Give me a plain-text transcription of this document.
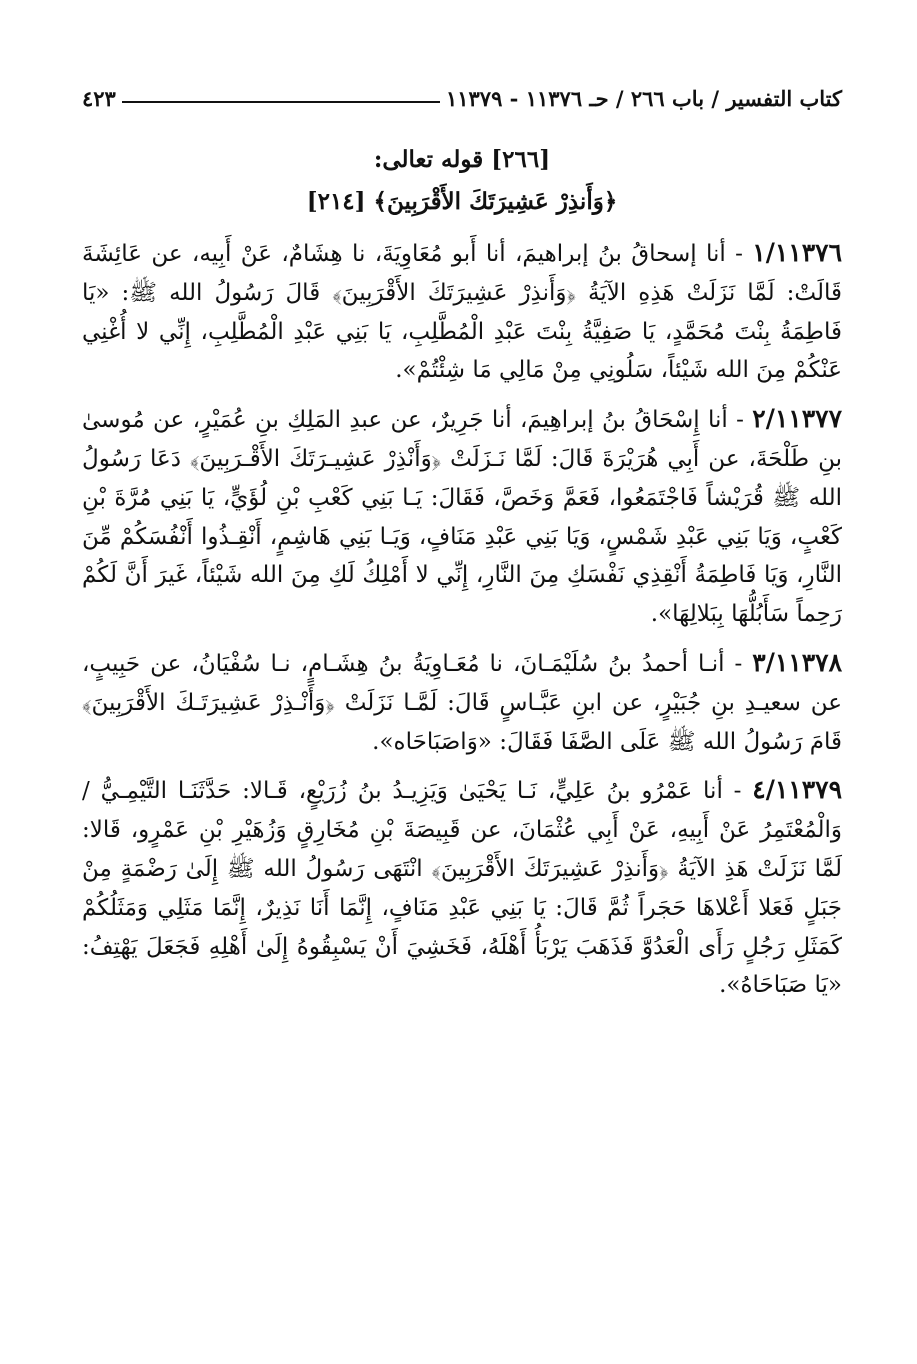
كتاب التفسير / باب ٢٦٦ / حـ ١١٣٧٦ - ١١٣٧٩
٤٢٣
[٢٦٦] قوله تعالى:
﴿وَأَنذِرْ عَشِيرَتَكَ الأَقْرَبِينَ﴾ [٢١٤]

١/١١٣٧٦ - أنا إسحاقُ بنُ إبراهيمَ، أنا أَبو مُعَاوِيَةَ، نا هِشَامٌ، عَنْ أَبِيه، عن عَائِشَةَ قَالَتْ: لَمَّا نَزَلَتْ هَذِهِ الآيَةُ ﴿وَأَنذِرْ عَشِيرَتَكَ الأَقْرَبِينَ﴾ قَالَ رَسُولُ الله ﷺ: «يَا فَاطِمَةُ بِنْتَ مُحَمَّدٍ، يَا صَفِيَّةُ بِنْتَ عَبْدِ الْمُطَّلِبِ، يَا بَنِي عَبْدِ الْمُطَّلِبِ، إِنِّي لا أُغْنِي عَنْكُمْ مِنَ الله شَيْئاً، سَلُونِي مِنْ مَالِي مَا شِئْتُمْ».

٢/١١٣٧٧ - أنا إِسْحَاقُ بنُ إبراهِيمَ، أنا جَرِيرٌ، عن عبدِ المَلِكِ بنِ عُمَيْرٍ، عن مُوسىٰ بنِ طَلْحَةَ، عن أَبِي هُرَيْرَةَ قَالَ: لَمَّا نَـزَلَتْ ﴿وَأَنْذِرْ عَشِيـرَتَكَ الأَقْـرَبِينَ﴾ دَعَا رَسُولُ الله ﷺ قُرَيْشاً فَاجْتَمَعُوا، فَعَمَّ وَخَصَّ، فَقَالَ: يَـا بَنِي كَعْبِ بْنِ لُؤَيٍّ، يَا بَنِي مُرَّةَ بْنِ كَعْبٍ، وَيَا بَنِي عَبْدِ شَمْسٍ، وَيَا بَنِي عَبْدِ مَنَافٍ، وَيَـا بَنِي هَاشِمٍ، أَنْقِـذُوا أَنْفُسَكُمْ مِّنَ النَّارِ، وَيَا فَاطِمَةُ أَنْقِذِي نَفْسَكِ مِنَ النَّارِ، إِنِّي لا أَمْلِكُ لَكِ مِنَ الله شَيْئاً، غَيرَ أَنَّ لَكُمْ رَحِماً سَأَبُلُّهَا بِبَلالِهَا».

٣/١١٣٧٨ - أنـا أحمدُ بنُ سُلَيْمَـانَ، نا مُعَـاوِيَةُ بنُ هِشَـامٍ، نـا سُفْيَانُ، عن حَبِيبٍ، عن سعيـدِ بنِ جُبَيْرٍ، عن ابنِ عَبَّـاسٍ قَالَ: لَمَّـا نَزَلَتْ ﴿وَأَنْـذِرْ عَشِيرَتَـكَ الأَقْرَبِينَ﴾ قَامَ رَسُولُ الله ﷺ عَلَى الصَّفَا فَقَالَ: «وَاصَبَاحَاه».

٤/١١٣٧٩ - أنا عَمْرُو بنُ عَلِيٍّ، نَـا يَحْيَىٰ وَيَزِيـدُ بنُ زُرَيْعٍ، قَـالا: حَدَّثَنَـا التَّيْمِـيُّ / وَالْمُعْتَمِرُ عَنْ أَبِيهِ، عَنْ أَبِي عُثْمَانَ، عن قَبِيصَةَ بْنِ مُخَارِقٍ وَزُهَيْرِ بْنِ عَمْرٍو، قَالا: لَمَّا نَزَلَتْ هَذِ الآيَةُ ﴿وَأَنذِرْ عَشِيرَتَكَ الأَقْرَبِينَ﴾ انْتَهَى رَسُولُ الله ﷺ إِلَىٰ رَضْمَةٍ مِنْ جَبَلٍ فَعَلا أَعْلاهَا حَجَراً ثُمَّ قَالَ: يَا بَنِي عَبْدِ مَنَافٍ، إِنَّمَا أَنَا نَذِيرٌ، إِنَّمَا مَثَلِي وَمَثَلُكُمْ كَمَثَلِ رَجُلٍ رَأَى الْعَدُوَّ فَذَهَبَ يَرْبَأُ أَهْلَهُ، فَخَشِيَ أَنْ يَسْبِقُوهُ إِلَىٰ أَهْلِهِ فَجَعَلَ يَهْتِفُ: «يَا صَبَاحَاهُ».
